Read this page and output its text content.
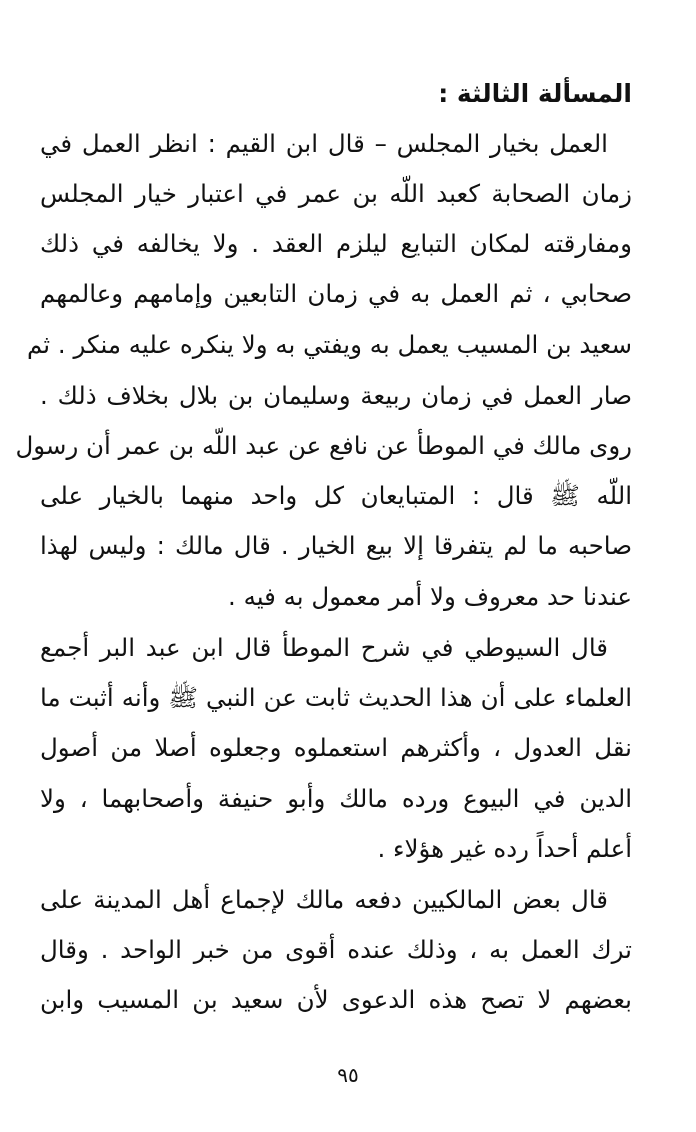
المسألة الثالثة :
العمل بخيار المجلس – قال ابن القيم : انظر العمل في
زمان الصحابة كعبد اللّه بن عمر في اعتبار خيار المجلس
ومفارقته لمكان التبايع ليلزم العقد . ولا يخالفه في ذلك
صحابي ، ثم العمل به في زمان التابعين وإمامهم وعالمهم
سعيد بن المسيب يعمل به ويفتي به ولا ينكره عليه منكر . ثم
صار العمل في زمان ربيعة وسليمان بن بلال بخلاف ذلك .
روى مالك في الموطأ عن نافع عن عبد اللّه بن عمر أن رسول
اللّه ﷺ قال : المتبايعان كل واحد منهما بالخيار على
صاحبه ما لم يتفرقا إلا بيع الخيار . قال مالك : وليس لهذا
عندنا حد معروف ولا أمر معمول به فيه .
قال السيوطي في شرح الموطأ قال ابن عبد البر أجمع
العلماء على أن هذا الحديث ثابت عن النبي ﷺ وأنه أثبت ما
نقل العدول ، وأكثرهم استعملوه وجعلوه أصلا من أصول
الدين في البيوع ورده مالك وأبو حنيفة وأصحابهما ، ولا
أعلم أحداً رده غير هؤلاء .
قال بعض المالكيين دفعه مالك لإجماع أهل المدينة على
ترك العمل به ، وذلك عنده أقوى من خبر الواحد . وقال
بعضهم لا تصح هذه الدعوى لأن سعيد بن المسيب وابن
٩٥
